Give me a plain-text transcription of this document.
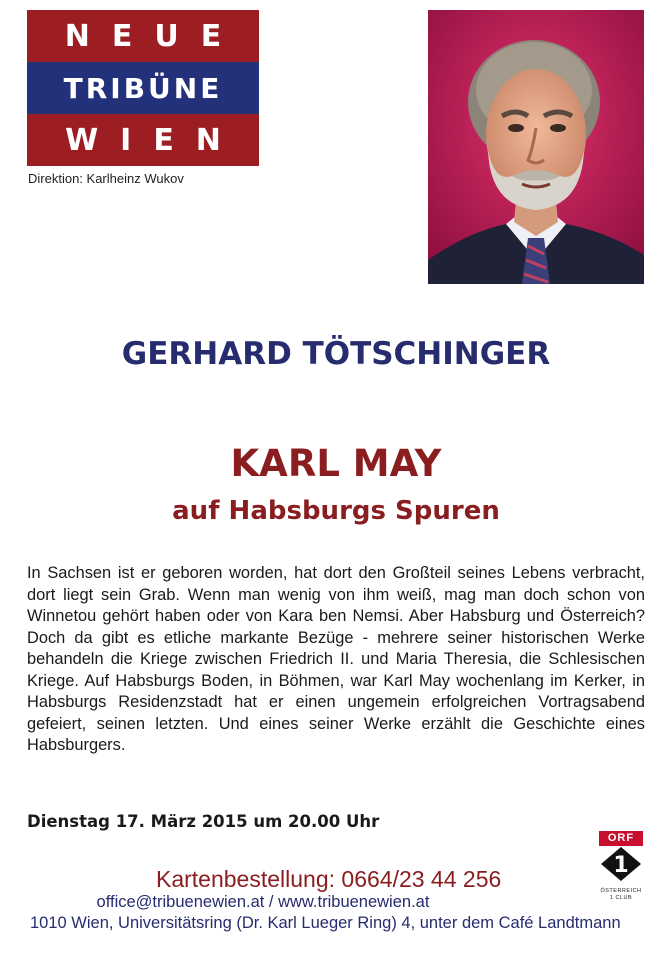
NEUE
TRIBÜNE
WIEN
Direktion: Karlheinz Wukov
GERHARD TÖTSCHINGER
KARL MAY
auf Habsburgs Spuren
In Sachsen ist er geboren worden, hat dort den Großteil seines Lebens verbracht, dort liegt sein Grab. Wenn man wenig von ihm weiß, mag man doch schon von Winnetou gehört haben oder von Kara ben Nemsi. Aber Habsburg und Österreich? Doch da gibt es etliche markante Bezüge - mehrere seiner historischen Werke behandeln die Kriege zwischen Friedrich II. und Maria Theresia, die Schlesischen Kriege. Auf Habsburgs Boden, in Böhmen, war Karl May wochenlang im Kerker, in Habsburgs Residenzstadt hat er einen ungemein erfolgreichen Vortragsabend gefeiert, seinen letzten. Und eines seiner Werke erzählt die Geschichte eines Habsburgers.
Dienstag 17. März 2015 um 20.00 Uhr
Kartenbestellung: 0664/23 44 256
office@tribuenewien.at / www.tribuenewien.at
1010 Wien, Universitätsring (Dr. Karl Lueger Ring) 4, unter dem Café Landtmann
ORF
1
ÖSTERREICH 1 CLUB
